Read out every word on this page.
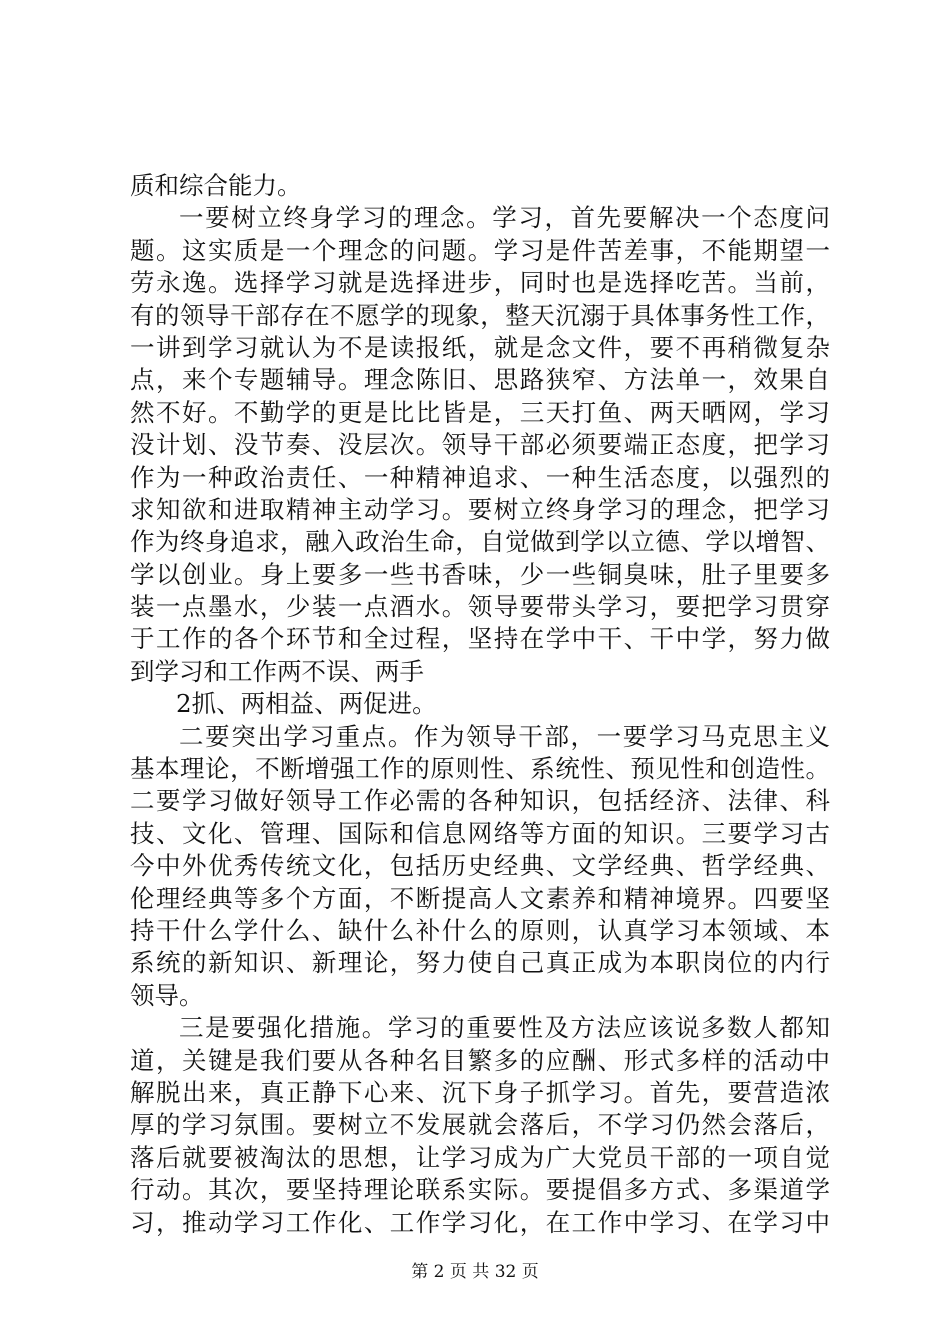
质和综合能力。
一要树立终身学习的理念。学习，首先要解决一个态度问
题。这实质是一个理念的问题。学习是件苦差事，不能期望一
劳永逸。选择学习就是选择进步，同时也是选择吃苦。当前，
有的领导干部存在不愿学的现象，整天沉溺于具体事务性工作，
一讲到学习就认为不是读报纸，就是念文件，要不再稍微复杂
点，来个专题辅导。理念陈旧、思路狭窄、方法单一，效果自
然不好。不勤学的更是比比皆是，三天打鱼、两天晒网，学习
没计划、没节奏、没层次。领导干部必须要端正态度，把学习
作为一种政治责任、一种精神追求、一种生活态度，以强烈的
求知欲和进取精神主动学习。要树立终身学习的理念，把学习
作为终身追求，融入政治生命，自觉做到学以立德、学以增智、
学以创业。身上要多一些书香味，少一些铜臭味，肚子里要多
装一点墨水，少装一点酒水。领导要带头学习，要把学习贯穿
于工作的各个环节和全过程，坚持在学中干、干中学，努力做
到学习和工作两不误、两手
2抓、两相益、两促进。
二要突出学习重点。作为领导干部，一要学习马克思主义
基本理论，不断增强工作的原则性、系统性、预见性和创造性。
二要学习做好领导工作必需的各种知识，包括经济、法律、科
技、文化、管理、国际和信息网络等方面的知识。三要学习古
今中外优秀传统文化，包括历史经典、文学经典、哲学经典、
伦理经典等多个方面，不断提高人文素养和精神境界。四要坚
持干什么学什么、缺什么补什么的原则，认真学习本领域、本
系统的新知识、新理论，努力使自己真正成为本职岗位的内行
领导。
三是要强化措施。学习的重要性及方法应该说多数人都知
道，关键是我们要从各种名目繁多的应酬、形式多样的活动中
解脱出来，真正静下心来、沉下身子抓学习。首先，要营造浓
厚的学习氛围。要树立不发展就会落后，不学习仍然会落后，
落后就要被淘汰的思想，让学习成为广大党员干部的一项自觉
行动。其次，要坚持理论联系实际。要提倡多方式、多渠道学
习，推动学习工作化、工作学习化，在工作中学习、在学习中
第 2 页 共 32 页
